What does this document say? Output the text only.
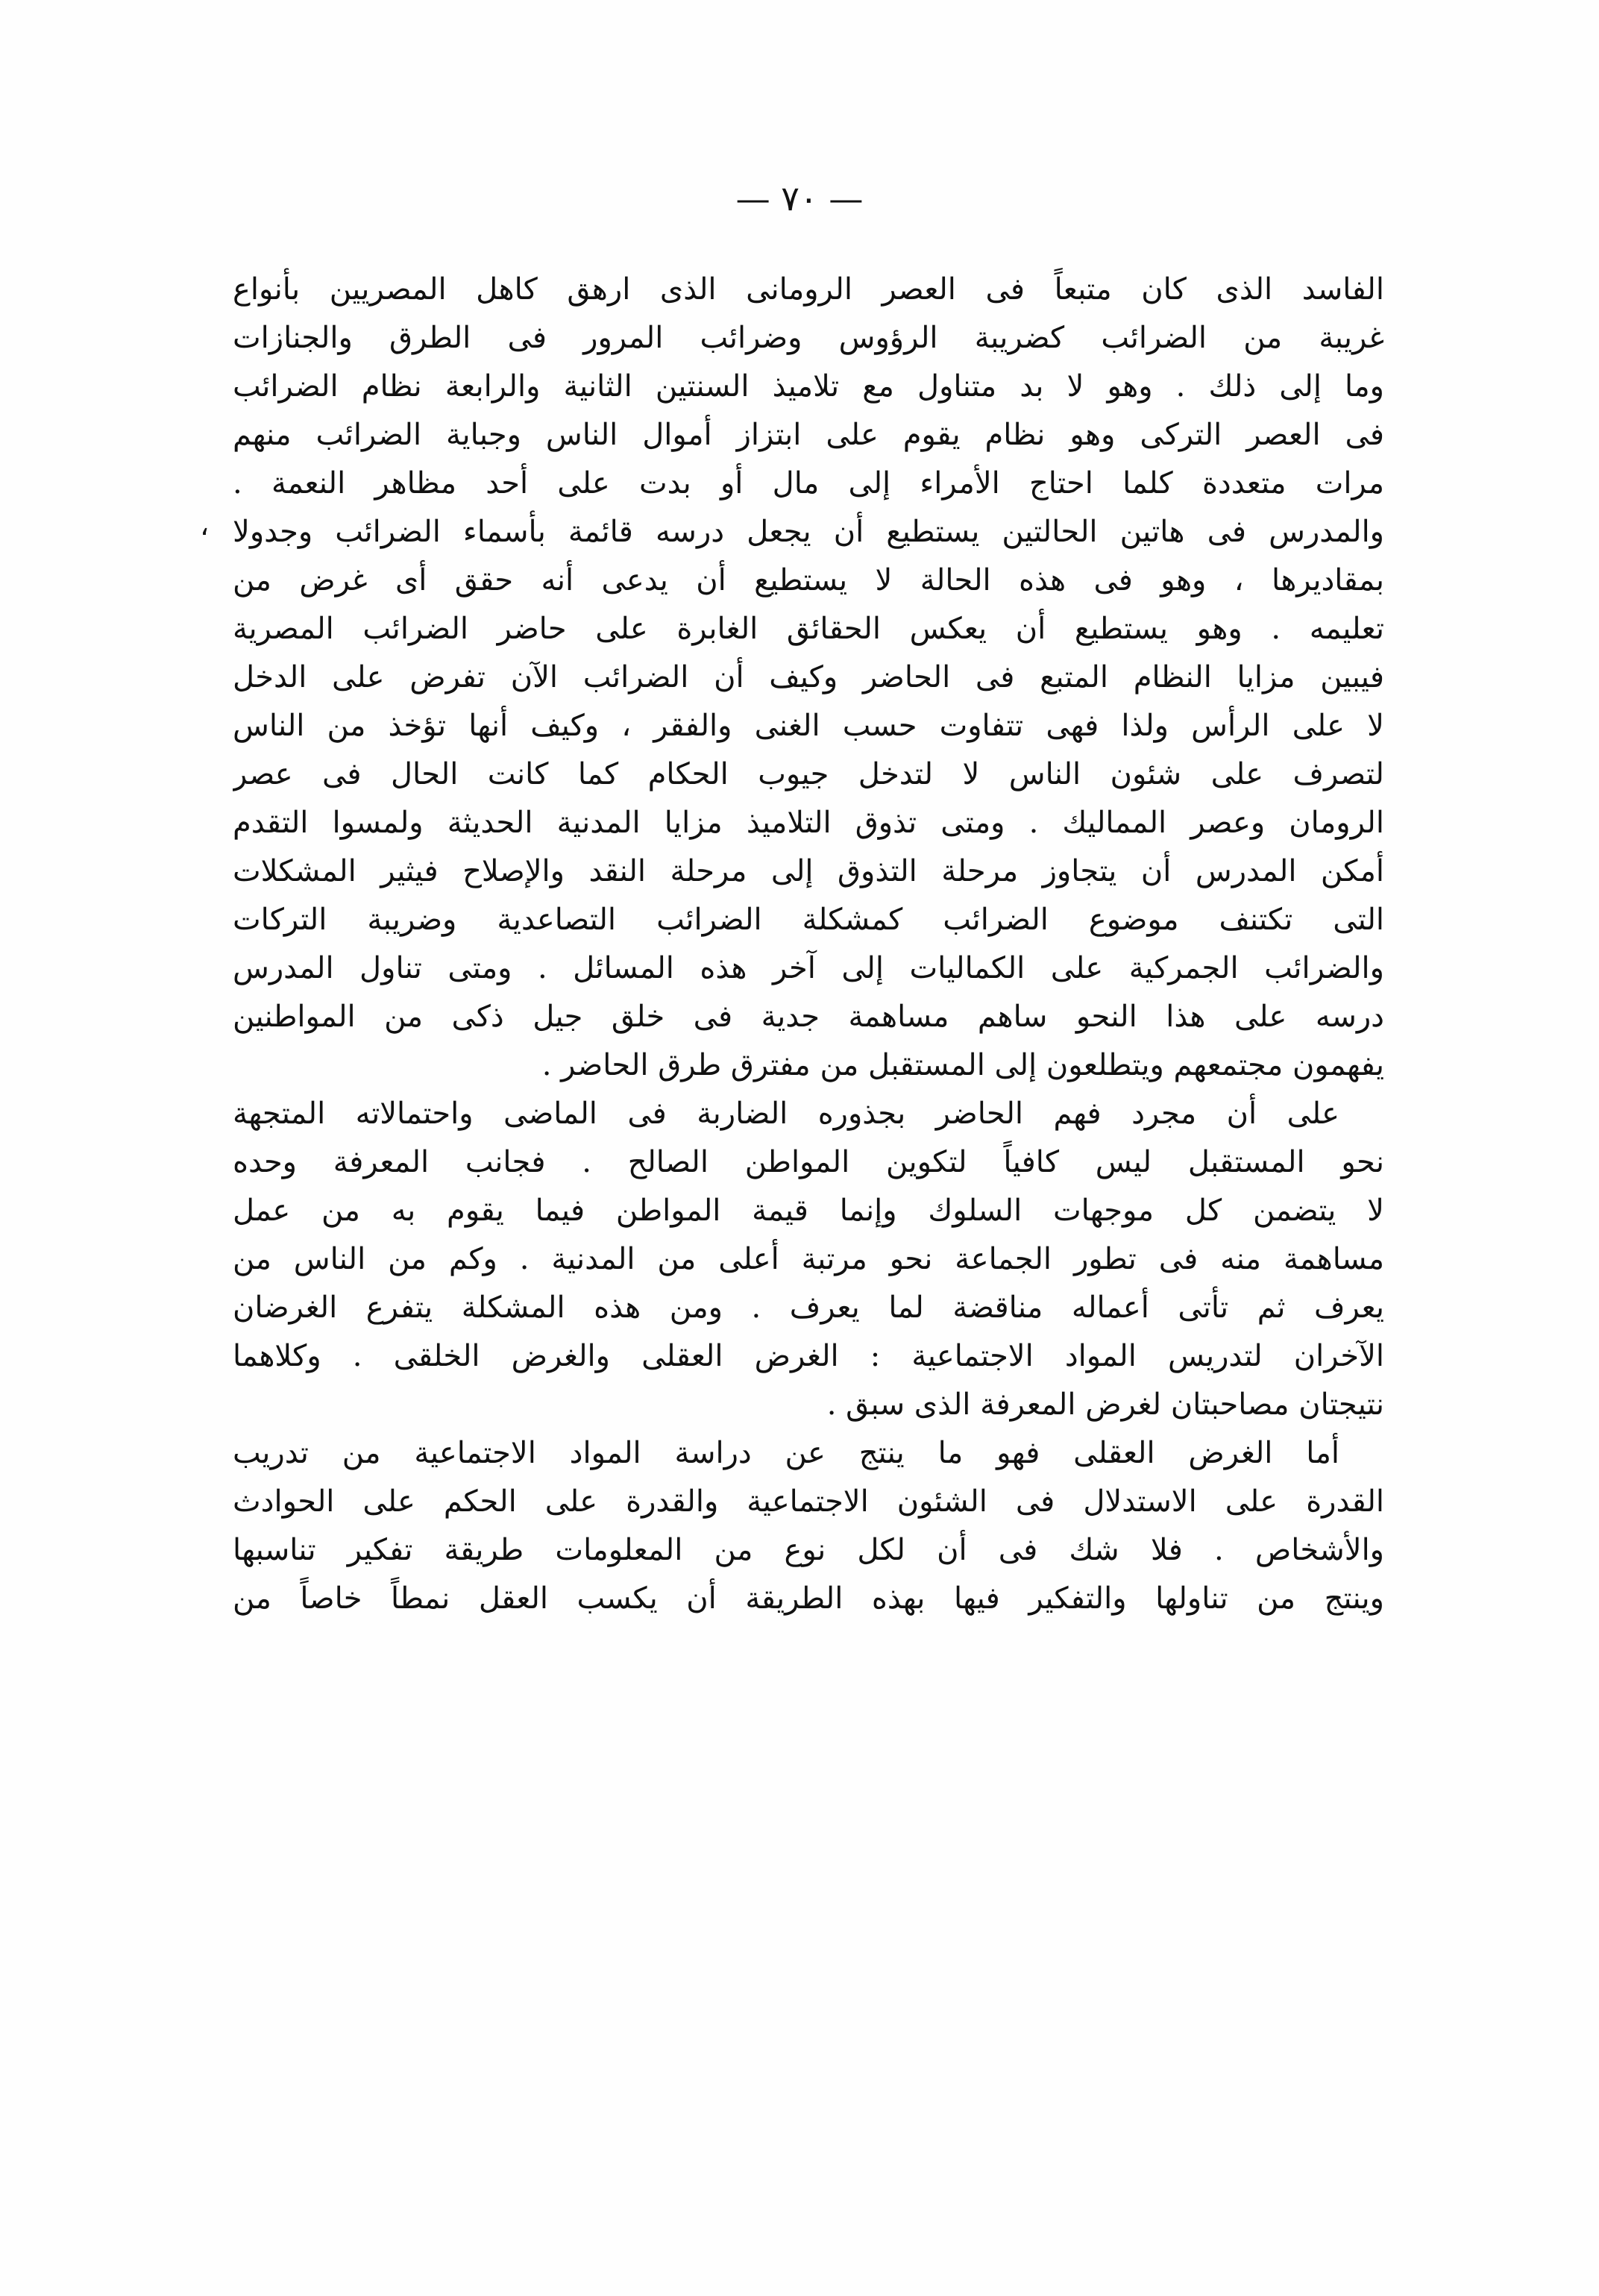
— ٧٠ —
،
الفاسد الذى كان متبعاً فى العصر الرومانى الذى ارهق كاهل المصريين بأنواع
غريبة من الضرائب كضريبة الرؤوس وضرائب المرور فى الطرق والجنازات
وما إلى ذلك . وهو لا بد متناول مع تلاميذ السنتين الثانية والرابعة نظام الضرائب
فى العصر التركى وهو نظام يقوم على ابتزاز أموال الناس وجباية الضرائب منهم
مرات متعددة كلما احتاج الأمراء إلى مال أو بدت على أحد مظاهر النعمة .
والمدرس فى هاتين الحالتين يستطيع أن يجعل درسه قائمة بأسماء الضرائب وجدولا
بمقاديرها ، وهو فى هذه الحالة لا يستطيع أن يدعى أنه حقق أى غرض من
تعليمه . وهو يستطيع أن يعكس الحقائق الغابرة على حاضر الضرائب المصرية
فيبين مزايا النظام المتبع فى الحاضر وكيف أن الضرائب الآن تفرض على الدخل
لا على الرأس ولذا فهى تتفاوت حسب الغنى والفقر ، وكيف أنها تؤخذ من الناس
لتصرف على شئون الناس لا لتدخل جيوب الحكام كما كانت الحال فى عصر
الرومان وعصر المماليك . ومتى تذوق التلاميذ مزايا المدنية الحديثة ولمسوا التقدم
أمكن المدرس أن يتجاوز مرحلة التذوق إلى مرحلة النقد والإصلاح فيثير المشكلات
التى تكتنف موضوع الضرائب كمشكلة الضرائب التصاعدية وضريبة التركات
والضرائب الجمركية على الكماليات إلى آخر هذه المسائل . ومتى تناول المدرس
درسه على هذا النحو ساهم مساهمة جدية فى خلق جيل ذكى من المواطنين
يفهمون مجتمعهم ويتطلعون إلى المستقبل من مفترق طرق الحاضر .
على أن مجرد فهم الحاضر بجذوره الضاربة فى الماضى واحتمالاته المتجهة
نحو المستقبل ليس كافياً لتكوين المواطن الصالح . فجانب المعرفة وحده
لا يتضمن كل موجهات السلوك وإنما قيمة المواطن فيما يقوم به من عمل
مساهمة منه فى تطور الجماعة نحو مرتبة أعلى من المدنية . وكم من الناس من
يعرف ثم تأتى أعماله مناقضة لما يعرف . ومن هذه المشكلة يتفرع الغرضان
الآخران لتدريس المواد الاجتماعية : الغرض العقلى والغرض الخلقى . وكلاهما
نتيجتان مصاحبتان لغرض المعرفة الذى سبق .
أما الغرض العقلى فهو ما ينتج عن دراسة المواد الاجتماعية من تدريب
القدرة على الاستدلال فى الشئون الاجتماعية والقدرة على الحكم على الحوادث
والأشخاص . فلا شك فى أن لكل نوع من المعلومات طريقة تفكير تناسبها
وينتج من تناولها والتفكير فيها بهذه الطريقة أن يكسب العقل نمطاً خاصاً من
